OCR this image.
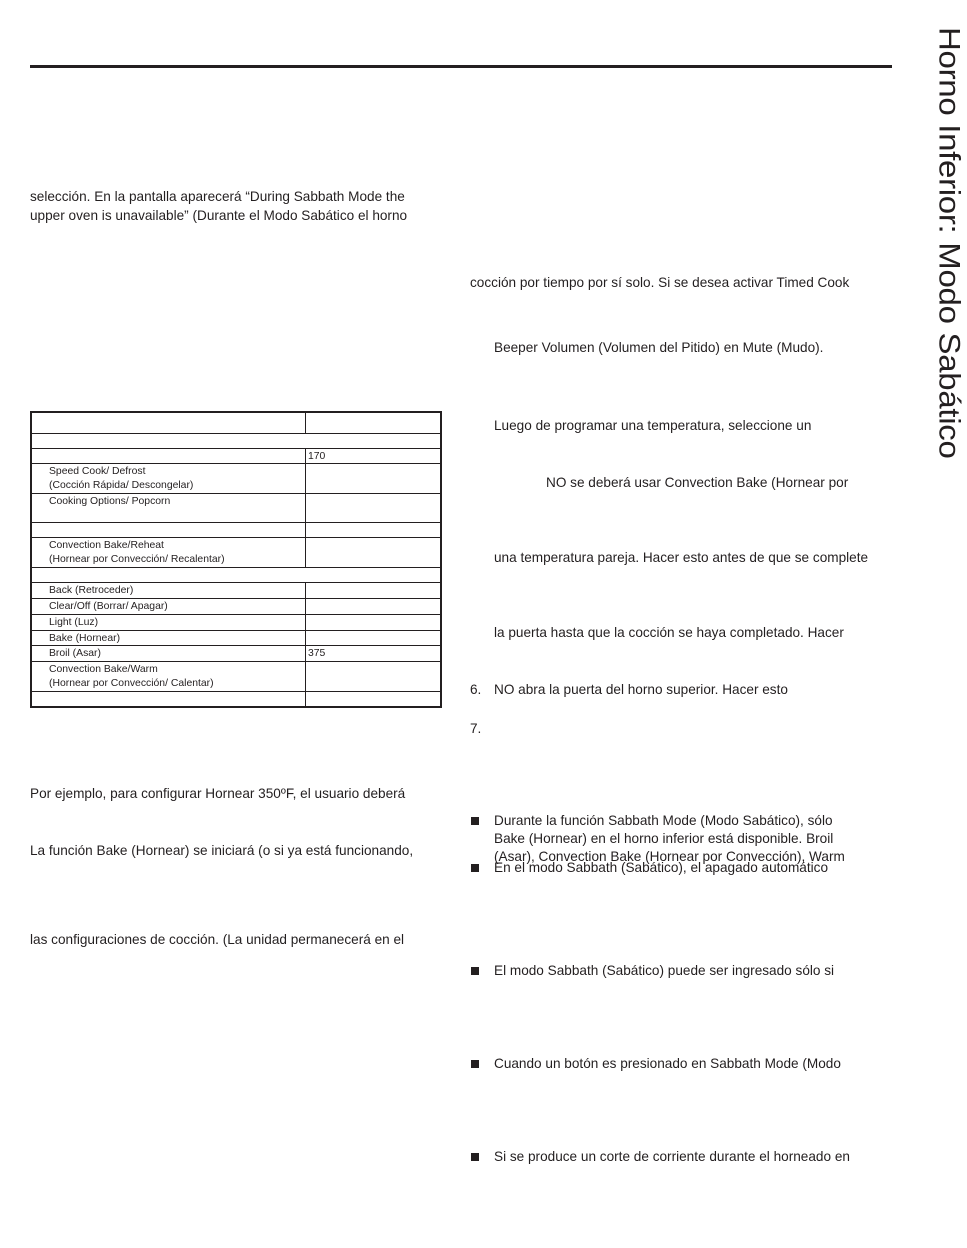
Horno Inferior: Modo Sabático

selección. En la pantalla aparecerá “During Sabbath Mode the

upper oven is unavailable” (Durante el Modo Sabático el horno

	170

Speed Cook/ Defrost
(Cocción Rápida/ Descongelar)	

Cooking Options/ Popcorn	

Convection Bake/Reheat
(Hornear por Convección/ Recalentar)	

Back (Retroceder)	
Clear/Off (Borrar/ Apagar)	
Light (Luz)	
Bake (Hornear)	
Broil (Asar)	375

Convection Bake/Warm
(Hornear por Convección/ Calentar)	

Por ejemplo, para configurar Hornear 350ºF, el usuario deberá

La función Bake (Hornear) se iniciará (o si ya está funcionando,

las configuraciones de cocción. (La unidad permanecerá en el

cocción por tiempo por sí solo. Si se desea activar Timed Cook

Beeper Volumen (Volumen del Pitido) en Mute (Mudo).

Luego de programar una temperatura, seleccione un

NO se deberá usar Convection Bake (Hornear por

una temperatura pareja. Hacer esto antes de que se complete

la puerta hasta que la cocción se haya completado. Hacer

6. NO abra la puerta del horno superior. Hacer esto

7.

Durante la función Sabbath Mode (Modo Sabático), sólo

Bake (Hornear) en el horno inferior está disponible. Broil

(Asar), Convection Bake (Hornear por Convección), Warm

En el modo Sabbath (Sabático), el apagado automático

El modo Sabbath (Sabático) puede ser ingresado sólo si

Cuando un botón es presionado en Sabbath Mode (Modo

Si se produce un corte de corriente durante el horneado en
